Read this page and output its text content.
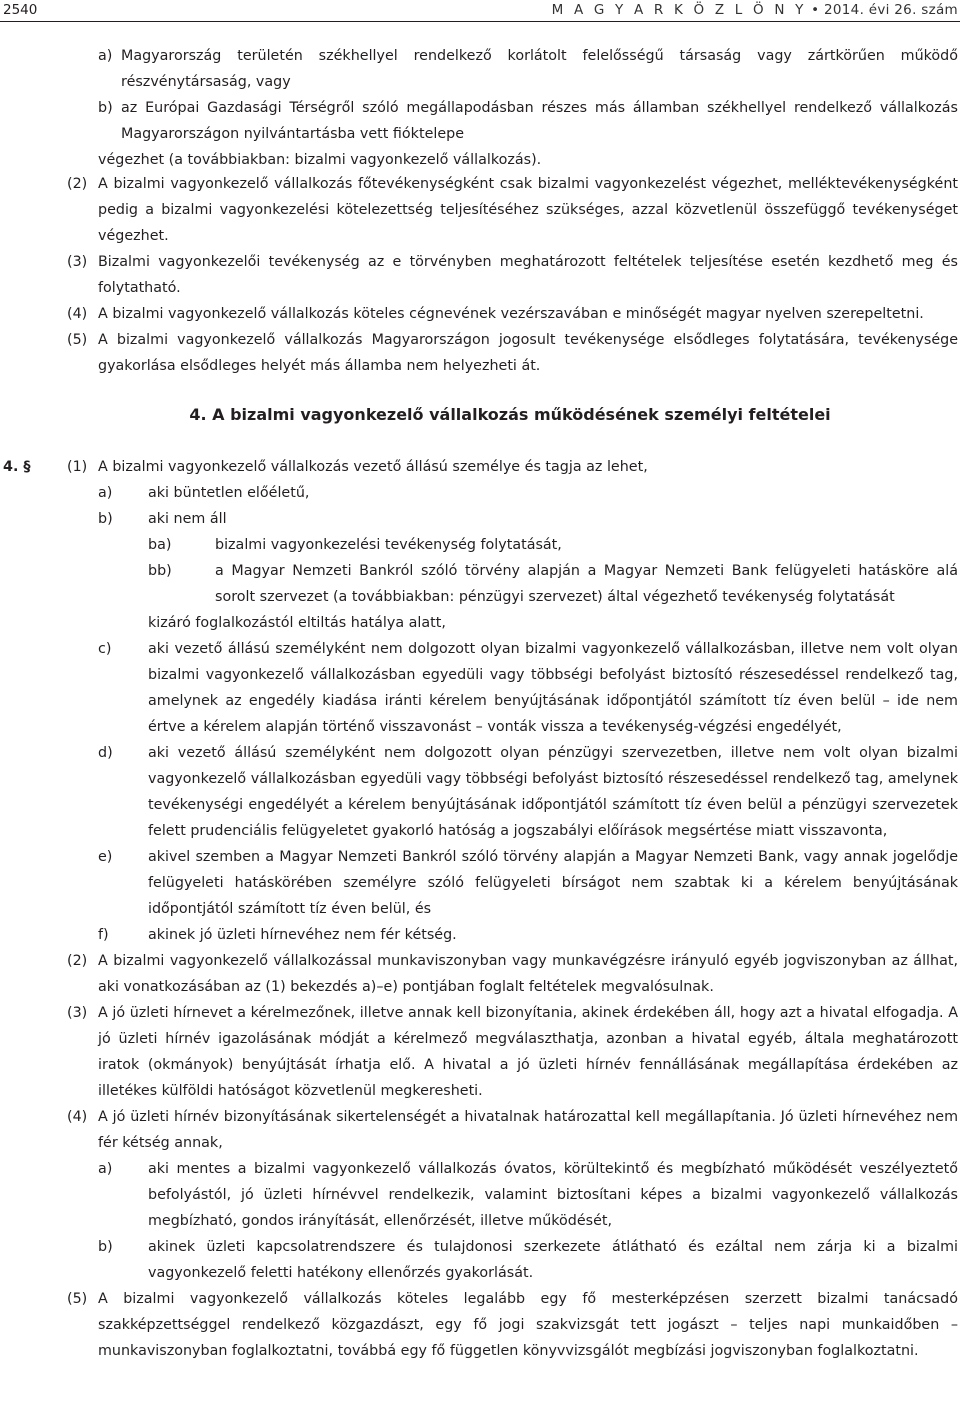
2540	M A G Y A R K Ö Z L Ö N Y • 2014. évi 26. szám
a) Magyarország területén székhellyel rendelkező korlátolt felelősségű társaság vagy zártkörűen működő részvénytársaság, vagy
b) az Európai Gazdasági Térségről szóló megállapodásban részes más államban székhellyel rendelkező vállalkozás Magyarországon nyilvántartásba vett fióktelepe
végezhet (a továbbiakban: bizalmi vagyonkezelő vállalkozás).
(2) A bizalmi vagyonkezelő vállalkozás főtevékenységként csak bizalmi vagyonkezelést végezhet, melléktevékenységként pedig a bizalmi vagyonkezelési kötelezettség teljesítéséhez szükséges, azzal közvetlenül összefüggő tevékenységet végezhet.
(3) Bizalmi vagyonkezelői tevékenység az e törvényben meghatározott feltételek teljesítése esetén kezdhető meg és folytatható.
(4) A bizalmi vagyonkezelő vállalkozás köteles cégnevének vezérszavában e minőségét magyar nyelven szerepeltetni.
(5) A bizalmi vagyonkezelő vállalkozás Magyarországon jogosult tevékenysége elsődleges folytatására, tevékenysége gyakorlása elsődleges helyét más államba nem helyezheti át.
4. A bizalmi vagyonkezelő vállalkozás működésének személyi feltételei
4. §	(1) A bizalmi vagyonkezelő vállalkozás vezető állású személye és tagja az lehet,
a) aki büntetlen előéletű,
b) aki nem áll
ba)	bizalmi vagyonkezelési tevékenység folytatását,
bb)	a Magyar Nemzeti Bankról szóló törvény alapján a Magyar Nemzeti Bank felügyeleti hatásköre alá sorolt szervezet (a továbbiakban: pénzügyi szervezet) által végezhető tevékenység folytatását
kizáró foglalkozástól eltiltás hatálya alatt,
c)	aki vezető állású személyként nem dolgozott olyan bizalmi vagyonkezelő vállalkozásban, illetve nem volt olyan bizalmi vagyonkezelő vállalkozásban egyedüli vagy többségi befolyást biztosító részesedéssel rendelkező tag, amelynek az engedély kiadása iránti kérelem benyújtásának időpontjától számított tíz éven belül – ide nem értve a kérelem alapján történő visszavonást – vonták vissza a tevékenység-végzési engedélyét,
d) aki vezető állású személyként nem dolgozott olyan pénzügyi szervezetben, illetve nem volt olyan bizalmi vagyonkezelő vállalkozásban egyedüli vagy többségi befolyást biztosító részesedéssel rendelkező tag, amelynek tevékenységi engedélyét a kérelem benyújtásának időpontjától számított tíz éven belül a pénzügyi szervezetek felett prudenciális felügyeletet gyakorló hatóság a jogszabályi előírások megsértése miatt visszavonta,
e) akivel szemben a Magyar Nemzeti Bankról szóló törvény alapján a Magyar Nemzeti Bank, vagy annak jogelődje felügyeleti hatáskörében személyre szóló felügyeleti bírságot nem szabtak ki a kérelem benyújtásának időpontjától számított tíz éven belül, és
f)	akinek jó üzleti hírnevéhez nem fér kétség.
(2) A bizalmi vagyonkezelő vállalkozással munkaviszonyban vagy munkavégzésre irányuló egyéb jogviszonyban az állhat, aki vonatkozásában az (1) bekezdés a)–e) pontjában foglalt feltételek megvalósulnak.
(3) A jó üzleti hírnevet a kérelmezőnek, illetve annak kell bizonyítania, akinek érdekében áll, hogy azt a hivatal elfogadja. A jó üzleti hírnév igazolásának módját a kérelmező megválaszthatja, azonban a hivatal egyéb, általa meghatározott iratok (okmányok) benyújtását írhatja elő. A hivatal a jó üzleti hírnév fennállásának megállapítása érdekében az illetékes külföldi hatóságot közvetlenül megkeresheti.
(4) A jó üzleti hírnév bizonyításának sikertelenségét a hivatalnak határozattal kell megállapítania. Jó üzleti hírnevéhez nem fér kétség annak,
a) aki mentes a bizalmi vagyonkezelő vállalkozás óvatos, körültekintő és megbízható működését veszélyeztető befolyástól, jó üzleti hírnévvel rendelkezik, valamint biztosítani képes a bizalmi vagyonkezelő vállalkozás megbízható, gondos irányítását, ellenőrzését, illetve működését,
b) akinek üzleti kapcsolatrendszere és tulajdonosi szerkezete átlátható és ezáltal nem zárja ki a bizalmi vagyonkezelő feletti hatékony ellenőrzés gyakorlását.
(5) A bizalmi vagyonkezelő vállalkozás köteles legalább egy fő mesterképzésen szerzett bizalmi tanácsadó szakképzettséggel rendelkező közgazdászt, egy fő jogi szakvizsgát tett jogászt – teljes napi munkaidőben – munkaviszonyban foglalkoztatni, továbbá egy fő független könyvvizsgálót megbízási jogviszonyban foglalkoztatni.
